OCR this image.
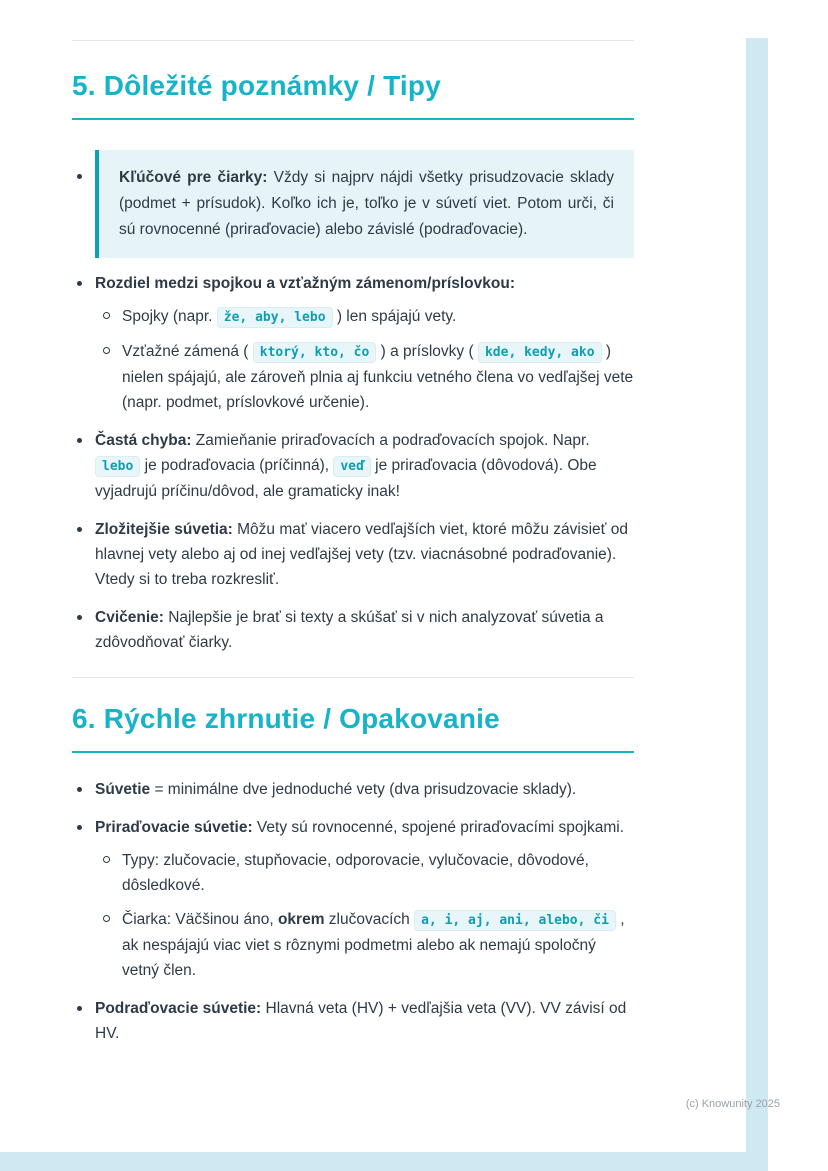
5. Dôležité poznámky / Tipy
Kľúčové pre čiarky: Vždy si najprv nájdi všetky prisudzovacie sklady (podmet + prísudok). Koľko ich je, toľko je v súvetí viet. Potom urči, či sú rovnocenné (priraďovacie) alebo závislé (podraďovacie).
Rozdiel medzi spojkou a vzťažným zámenom/príslovkou:
Spojky (napr. že, aby, lebo ) len spájajú vety.
Vzťažné zámená ( ktorý, kto, čo ) a príslovky ( kde, kedy, ako ) nielen spájajú, ale zároveň plnia aj funkciu vetného člena vo vedľajšej vete (napr. podmet, príslovkové určenie).
Častá chyba: Zamieňanie priraďovacích a podraďovacích spojok. Napr. lebo je podraďovacia (príčinná), veď je priraďovacia (dôvodová). Obe vyjadrujú príčinu/dôvod, ale gramaticky inak!
Zložitejšie súvetia: Môžu mať viacero vedľajších viet, ktoré môžu závisieť od hlavnej vety alebo aj od inej vedľajšej vety (tzv. viacnásobné podraďovanie). Vtedy si to treba rozkresliť.
Cvičenie: Najlepšie je brať si texty a skúšať si v nich analyzovať súvetia a zdôvodňovať čiarky.
6. Rýchle zhrnutie / Opakovanie
Súvetie = minimálne dve jednoduché vety (dva prisudzovacie sklady).
Priraďovacie súvetie: Vety sú rovnocenné, spojené priraďovacími spojkami.
Typy: zlučovacie, stupňovacie, odporovacie, vylučovacie, dôvodové, dôsledkové.
Čiarka: Väčšinou áno, okrem zlučovacích a, i, aj, ani, alebo, či , ak nespájajú viac viet s rôznymi podmetmi alebo ak nemajú spoločný vetný člen.
Podraďovacie súvetie: Hlavná veta (HV) + vedľajšia veta (VV). VV závisí od HV.
(c) Knowunity 2025
